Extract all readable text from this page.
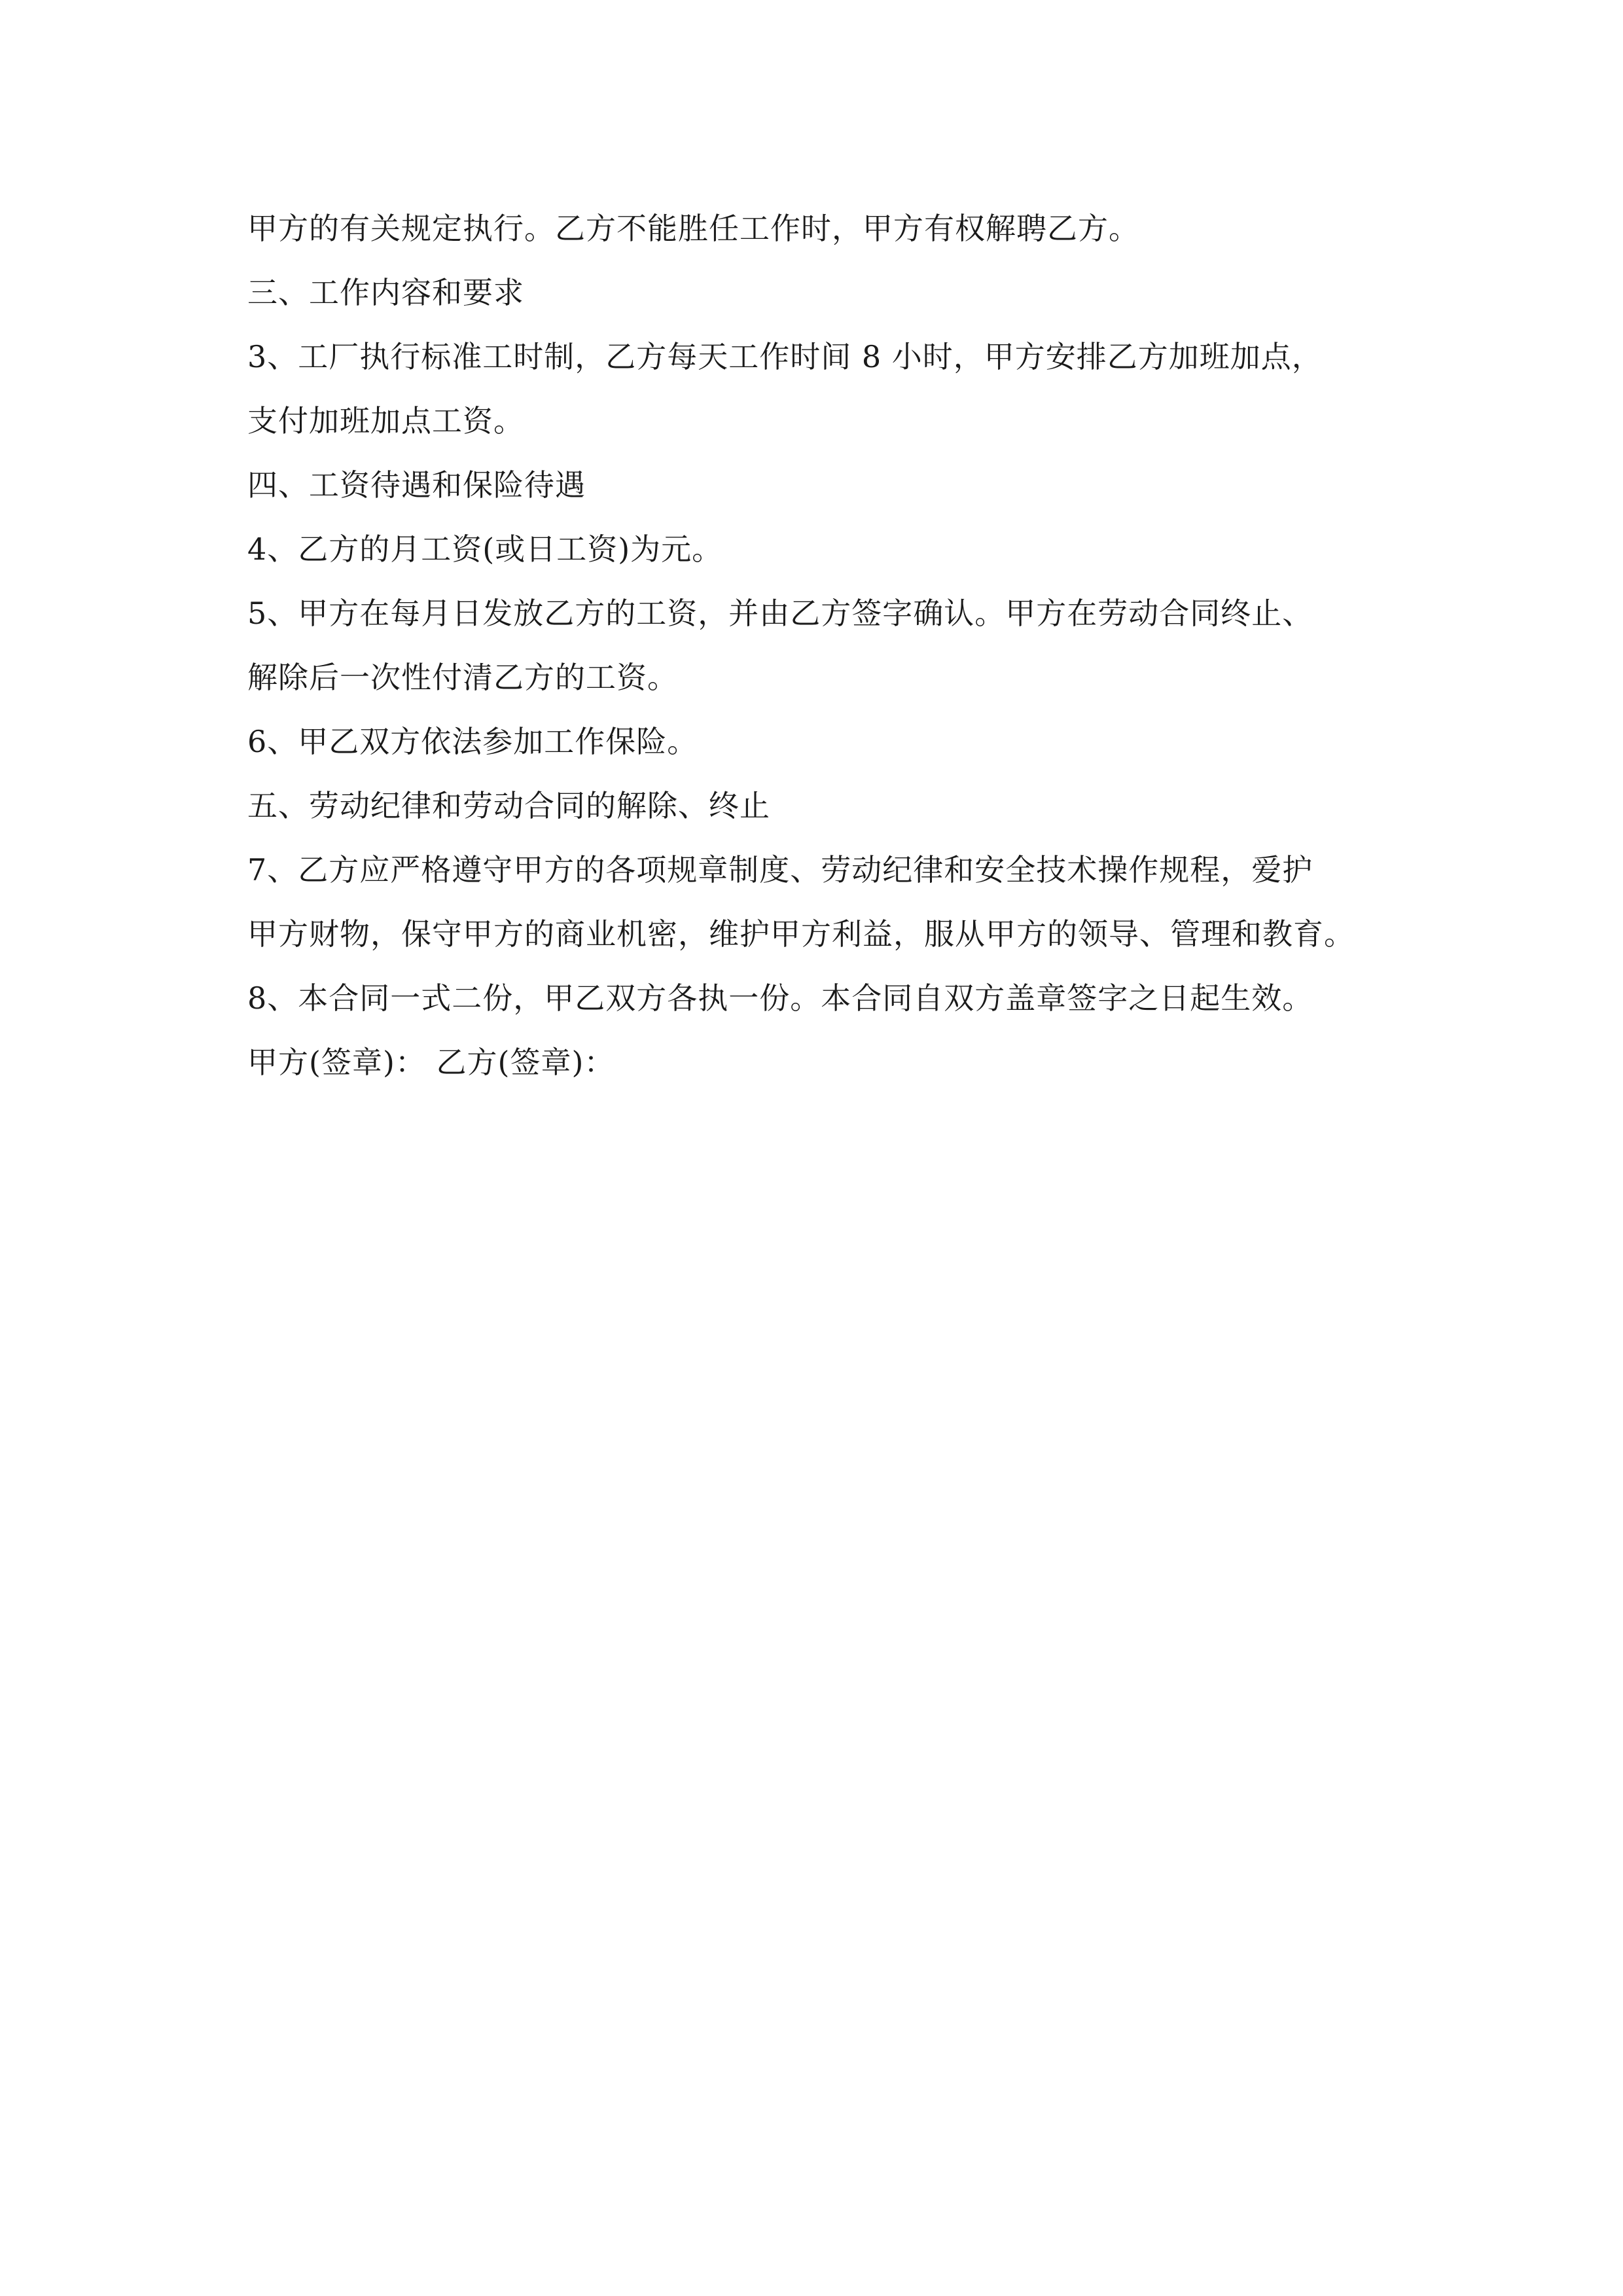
甲方的有关规定执行。乙方不能胜任工作时，甲方有权解聘乙方。
三、工作内容和要求
3、工厂执行标准工时制，乙方每天工作时间 8 小时，甲方安排乙方加班加点，
支付加班加点工资。
四、工资待遇和保险待遇
4、乙方的月工资(或日工资)为元。
5、甲方在每月日发放乙方的工资，并由乙方签字确认。甲方在劳动合同终止、
解除后一次性付清乙方的工资。
6、甲乙双方依法参加工作保险。
五、劳动纪律和劳动合同的解除、终止
7、乙方应严格遵守甲方的各项规章制度、劳动纪律和安全技术操作规程，爱护
甲方财物，保守甲方的商业机密，维护甲方利益，服从甲方的领导、管理和教育。
8、本合同一式二份，甲乙双方各执一份。本合同自双方盖章签字之日起生效。
甲方(签章)： 乙方(签章)：
